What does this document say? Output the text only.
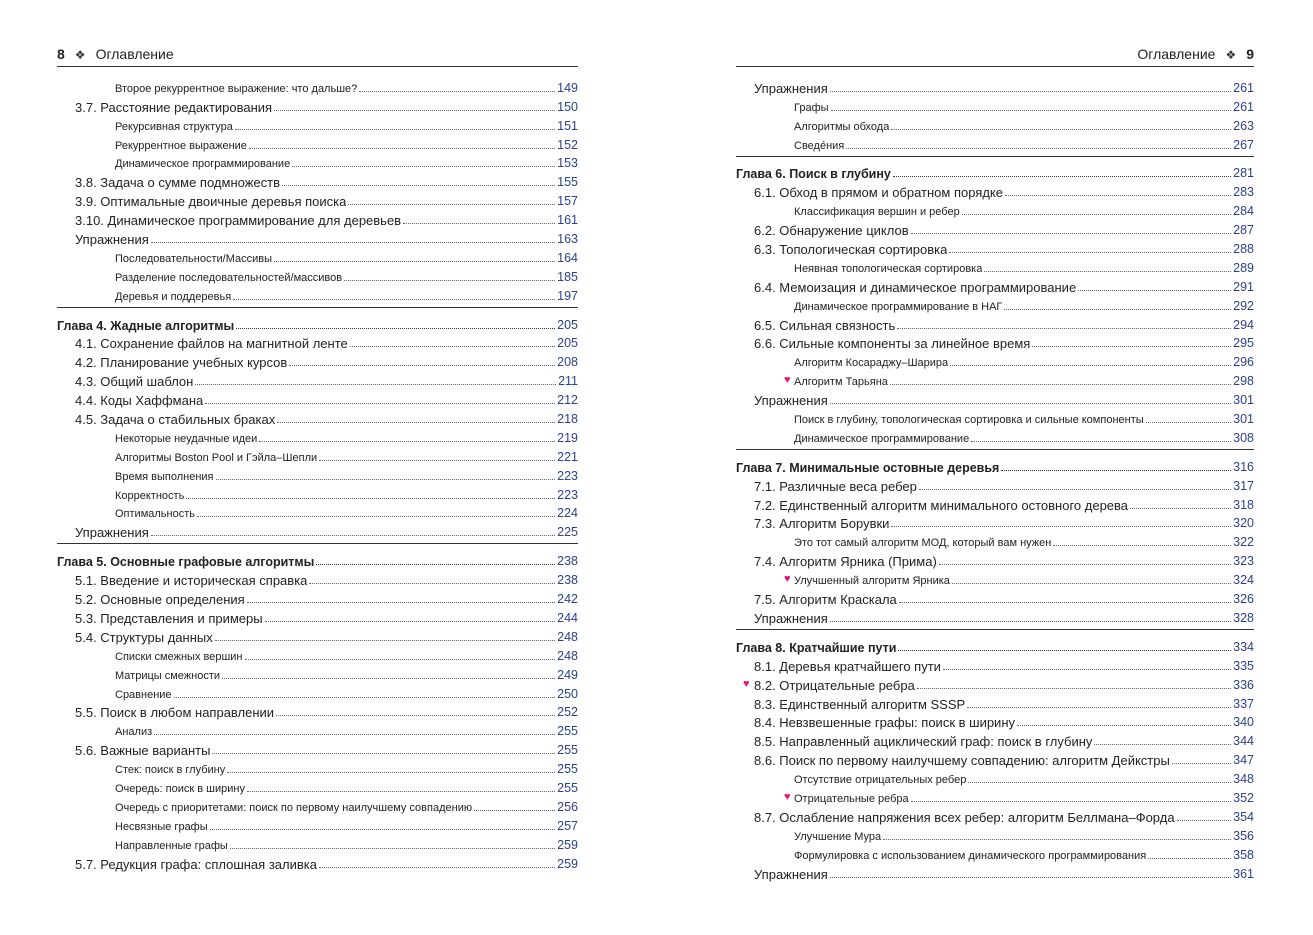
8 ❖ Оглавление
Второе рекуррентное выражение: что дальше?	149
3.7. Расстояние редактирования	150
Рекурсивная структура	151
Рекуррентное выражение	152
Динамическое программирование	153
3.8. Задача о сумме подмножеств	155
3.9. Оптимальные двоичные деревья поиска	157
3.10. Динамическое программирование для деревьев	161
Упражнения	163
Последовательности/Массивы	164
Разделение последовательностей/массивов	185
Деревья и поддеревья	197
Глава 4. Жадные алгоритмы	205
4.1. Сохранение файлов на магнитной ленте	205
4.2. Планирование учебных курсов	208
4.3. Общий шаблон	211
4.4. Коды Хаффмана	212
4.5. Задача о стабильных браках	218
Некоторые неудачные идеи	219
Алгоритмы Boston Pool и Гэйла–Шепли	221
Время выполнения	223
Корректность	223
Оптимальность	224
Упражнения	225
Глава 5. Основные графовые алгоритмы	238
5.1. Введение и историческая справка	238
5.2. Основные определения	242
5.3. Представления и примеры	244
5.4. Структуры данных	248
Списки смежных вершин	248
Матрицы смежности	249
Сравнение	250
5.5. Поиск в любом направлении	252
Анализ	255
5.6. Важные варианты	255
Стек: поиск в глубину	255
Очередь: поиск в ширину	255
Очередь с приоритетами: поиск по первому наилучшему совпадению	256
Несвязные графы	257
Направленные графы	259
5.7. Редукция графа: сплошная заливка	259
Оглавление ❖ 9
Упражнения	261
Графы	261
Алгоритмы обхода	263
Сведе́ния	267
Глава 6. Поиск в глубину	281
6.1. Обход в прямом и обратном порядке	283
Классификация вершин и ребер	284
6.2. Обнаружение циклов	287
6.3. Топологическая сортировка	288
Неявная топологическая сортировка	289
6.4. Мемоизация и динамическое программирование	291
Динамическое программирование в НАГ	292
6.5. Сильная связность	294
6.6. Сильные компоненты за линейное время	295
Алгоритм Косараджу–Шарира	296
♥ Алгоритм Тарьяна	298
Упражнения	301
Поиск в глубину, топологическая сортировка и сильные компоненты	301
Динамическое программирование	308
Глава 7. Минимальные остовные деревья	316
7.1. Различные веса ребер	317
7.2. Единственный алгоритм минимального остовного дерева	318
7.3. Алгоритм Борувки	320
Это тот самый алгоритм МОД, который вам нужен	322
7.4. Алгоритм Ярника (Прима)	323
♥ Улучшенный алгоритм Ярника	324
7.5. Алгоритм Краскала	326
Упражнения	328
Глава 8. Кратчайшие пути	334
8.1. Деревья кратчайшего пути	335
♥ 8.2. Отрицательные ребра	336
8.3. Единственный алгоритм SSSP	337
8.4. Невзвешенные графы: поиск в ширину	340
8.5. Направленный ациклический граф: поиск в глубину	344
8.6. Поиск по первому наилучшему совпадению: алгоритм Дейкстры	347
Отсутствие отрицательных ребер	348
♥ Отрицательные ребра	352
8.7. Ослабление напряжения всех ребер: алгоритм Беллмана–Форда	354
Улучшение Мура	356
Формулировка с использованием динамического программирования	358
Упражнения	361
